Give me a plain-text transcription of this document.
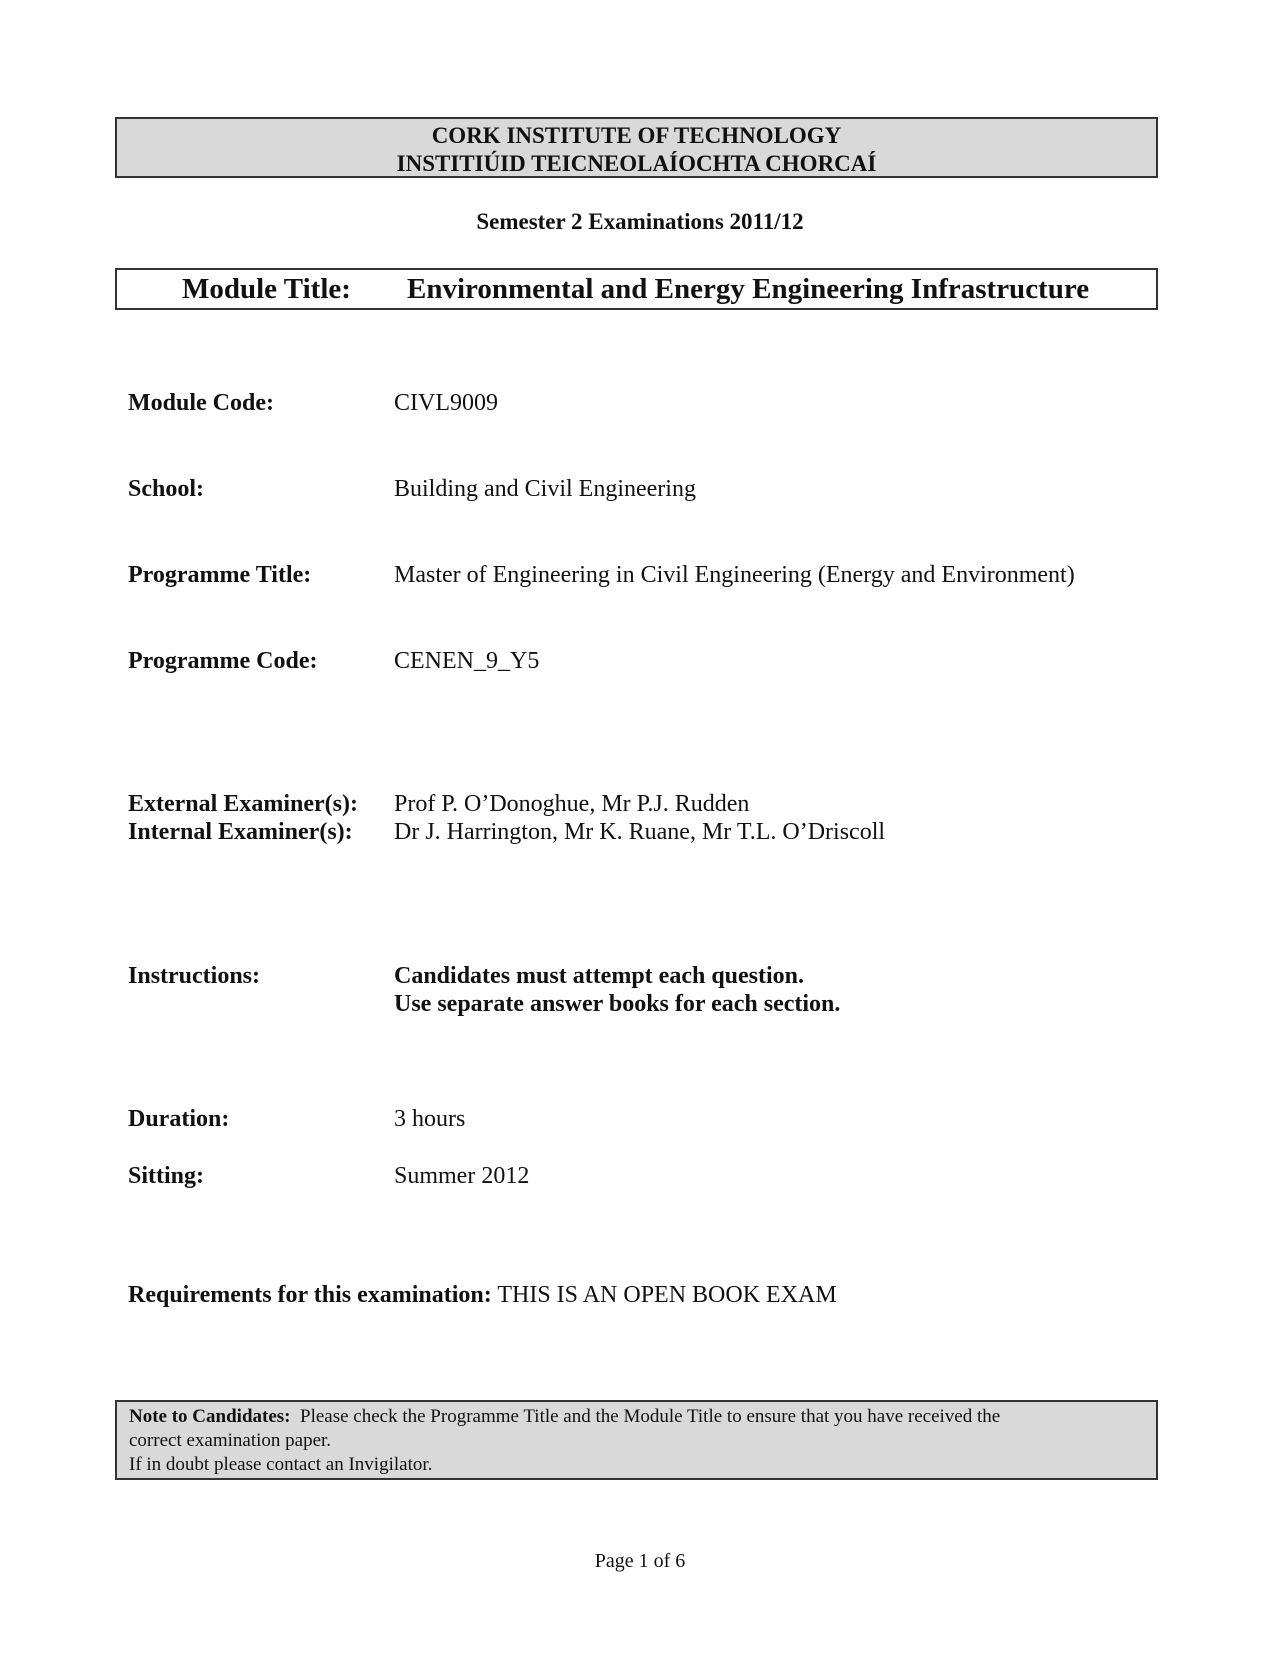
CORK INSTITUTE OF TECHNOLOGY
INSTITIÚID TEICNEOLAÍOCHTA CHORCAÍ
Semester 2 Examinations 2011/12
Module Title: Environmental and Energy Engineering Infrastructure
Module Code:	CIVL9009
School:	Building and Civil Engineering
Programme Title:	Master of Engineering in Civil Engineering (Energy and Environment)
Programme Code:	CENEN_9_Y5
External Examiner(s): Prof P. O’Donoghue, Mr P.J. Rudden
Internal Examiner(s): Dr J. Harrington, Mr K. Ruane, Mr T.L. O’Driscoll
Instructions:	Candidates must attempt each question.
Use separate answer books for each section.
Duration:	3 hours
Sitting:	Summer 2012
Requirements for this examination: THIS IS AN OPEN BOOK EXAM
Note to Candidates: Please check the Programme Title and the Module Title to ensure that you have received the
correct examination paper.
If in doubt please contact an Invigilator.
Page 1 of 6
